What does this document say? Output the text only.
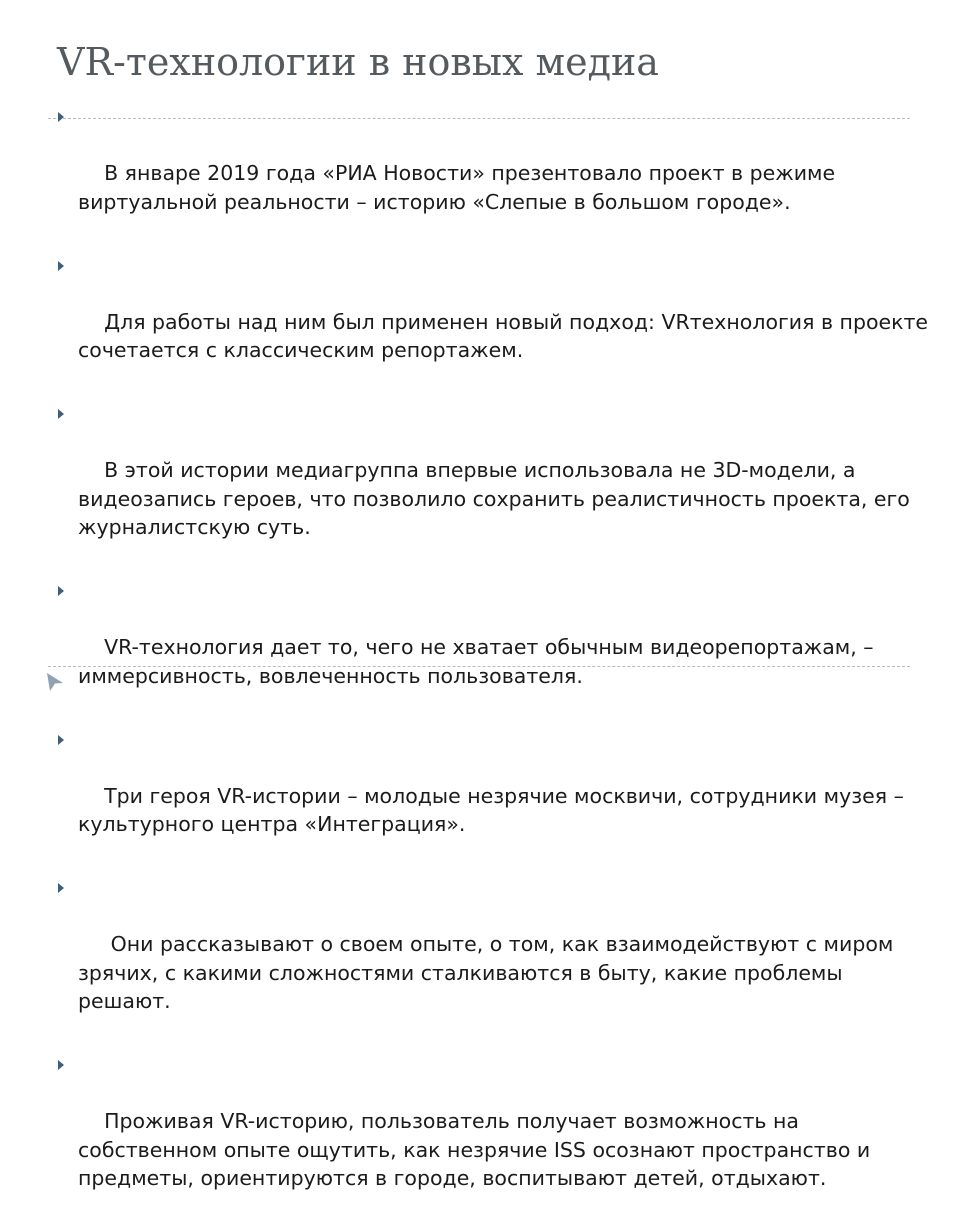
VR-технологии в новых медиа

В январе 2019 года «РИА Новости» презентовало проект в режиме виртуальной реальности – историю «Слепые в большом городе».

Для работы над ним был применен новый подход: VRтехнология в проекте сочетается с классическим репортажем.

В этой истории медиагруппа впервые использовала не 3D-модели, а видеозапись героев, что позволило сохранить реалистичность проекта, его журналистскую суть.

VR-технология дает то, чего не хватает обычным видеорепортажам, – иммерсивность, вовлеченность пользователя.

Три героя VR-истории – молодые незрячие москвичи, сотрудники музея – культурного центра «Интеграция».

Они рассказывают о своем опыте, о том, как взаимодействуют с миром зрячих, с какими сложностями сталкиваются в быту, какие проблемы решают.

Проживая VR-историю, пользователь получает возможность на собственном опыте ощутить, как незрячие ISS осознают пространство и предметы, ориентируются в городе, воспитывают детей, отдыхают.
